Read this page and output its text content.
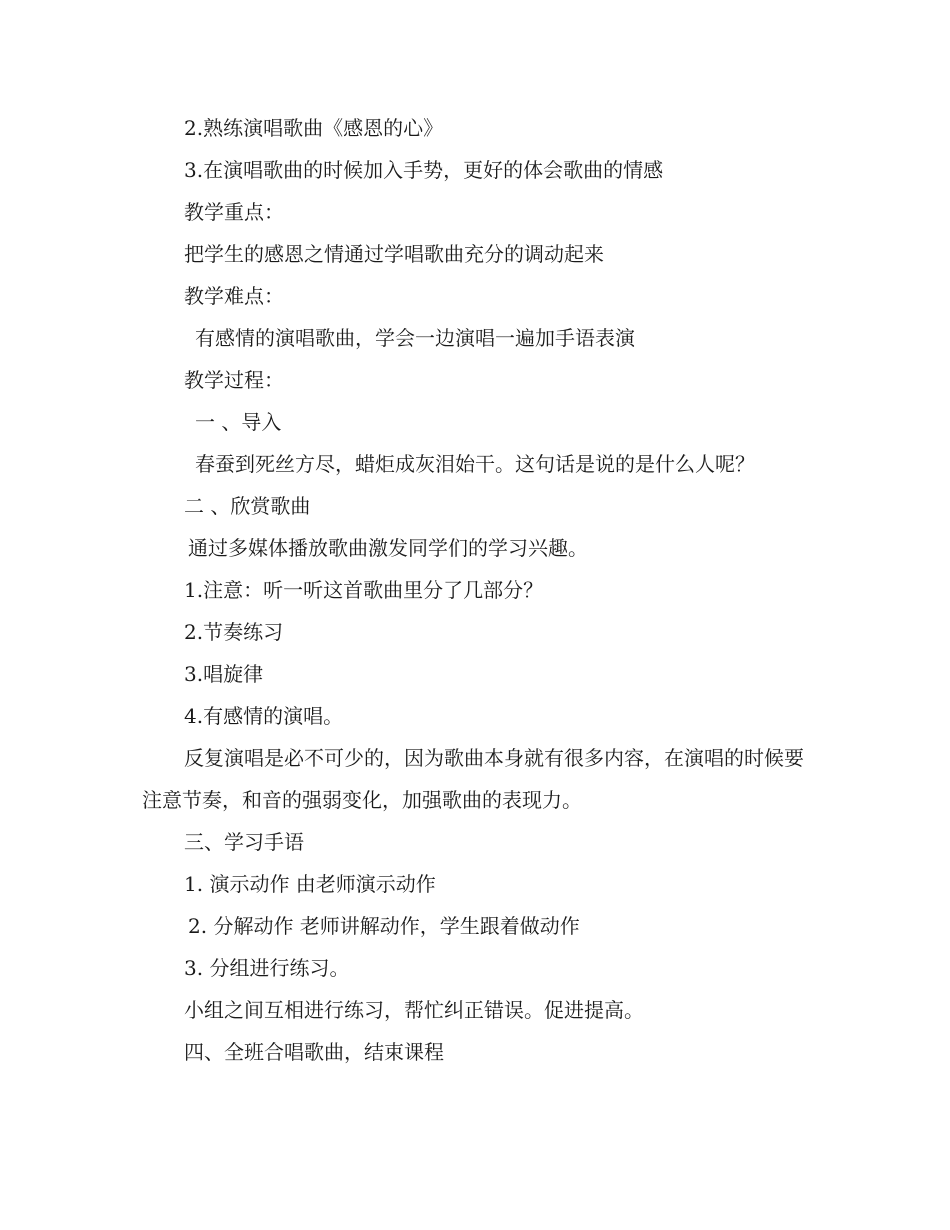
2.熟练演唱歌曲《感恩的心》
3.在演唱歌曲的时候加入手势，更好的体会歌曲的情感
教学重点：
把学生的感恩之情通过学唱歌曲充分的调动起来
教学难点：
有感情的演唱歌曲，学会一边演唱一遍加手语表演
教学过程：
一 、导入
春蚕到死丝方尽，蜡炬成灰泪始干。这句话是说的是什么人呢？
二 、欣赏歌曲
通过多媒体播放歌曲激发同学们的学习兴趣。
1.注意：听一听这首歌曲里分了几部分？
2.节奏练习
3.唱旋律
4.有感情的演唱。
反复演唱是必不可少的，因为歌曲本身就有很多内容，在演唱的时候要注意节奏，和音的强弱变化，加强歌曲的表现力。
三、学习手语
1. 演示动作 由老师演示动作
2. 分解动作 老师讲解动作，学生跟着做动作
3. 分组进行练习。
小组之间互相进行练习，帮忙纠正错误。促进提高。
四、全班合唱歌曲，结束课程
